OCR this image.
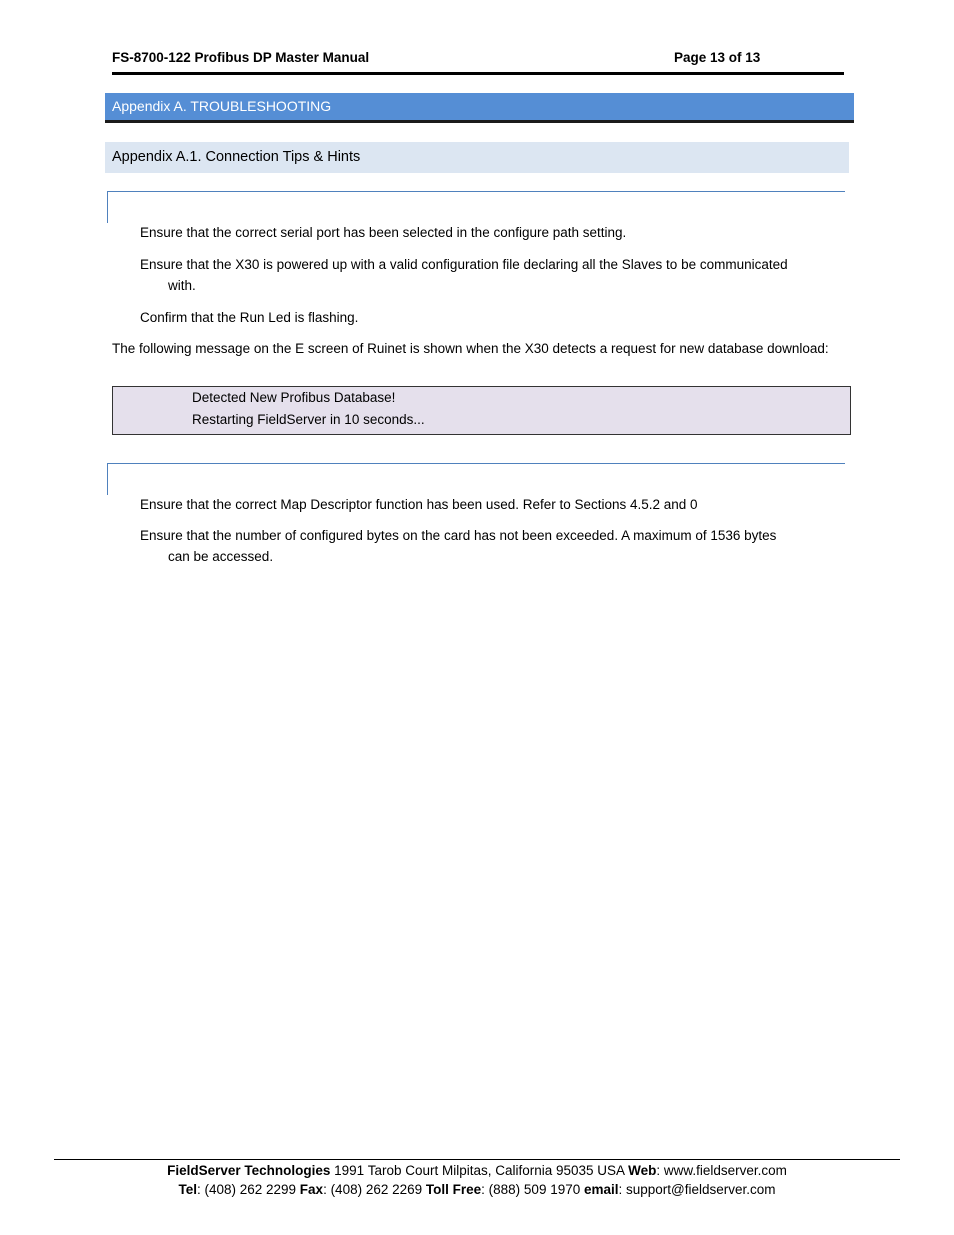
FS-8700-122 Profibus DP Master Manual	Page 13 of 13
Appendix A. TROUBLESHOOTING
Appendix A.1. Connection Tips & Hints
Ensure that the correct serial port has been selected in the configure path setting.
Ensure that the X30 is powered up with a valid configuration file declaring all the Slaves to be communicated
with.
Confirm that the Run Led is flashing.
The following message on the E screen of Ruinet is shown when the X30 detects a request for new database download:
Detected New Profibus Database!
Restarting FieldServer in 10 seconds...
Ensure that the correct Map Descriptor function has been used. Refer to Sections 4.5.2 and 0
Ensure that the number of configured bytes on the card has not been exceeded. A maximum of 1536 bytes
can be accessed.
FieldServer Technologies 1991 Tarob Court Milpitas, California 95035 USA Web: www.fieldserver.com
Tel: (408) 262 2299 Fax: (408) 262 2269 Toll Free: (888) 509 1970 email: support@fieldserver.com
